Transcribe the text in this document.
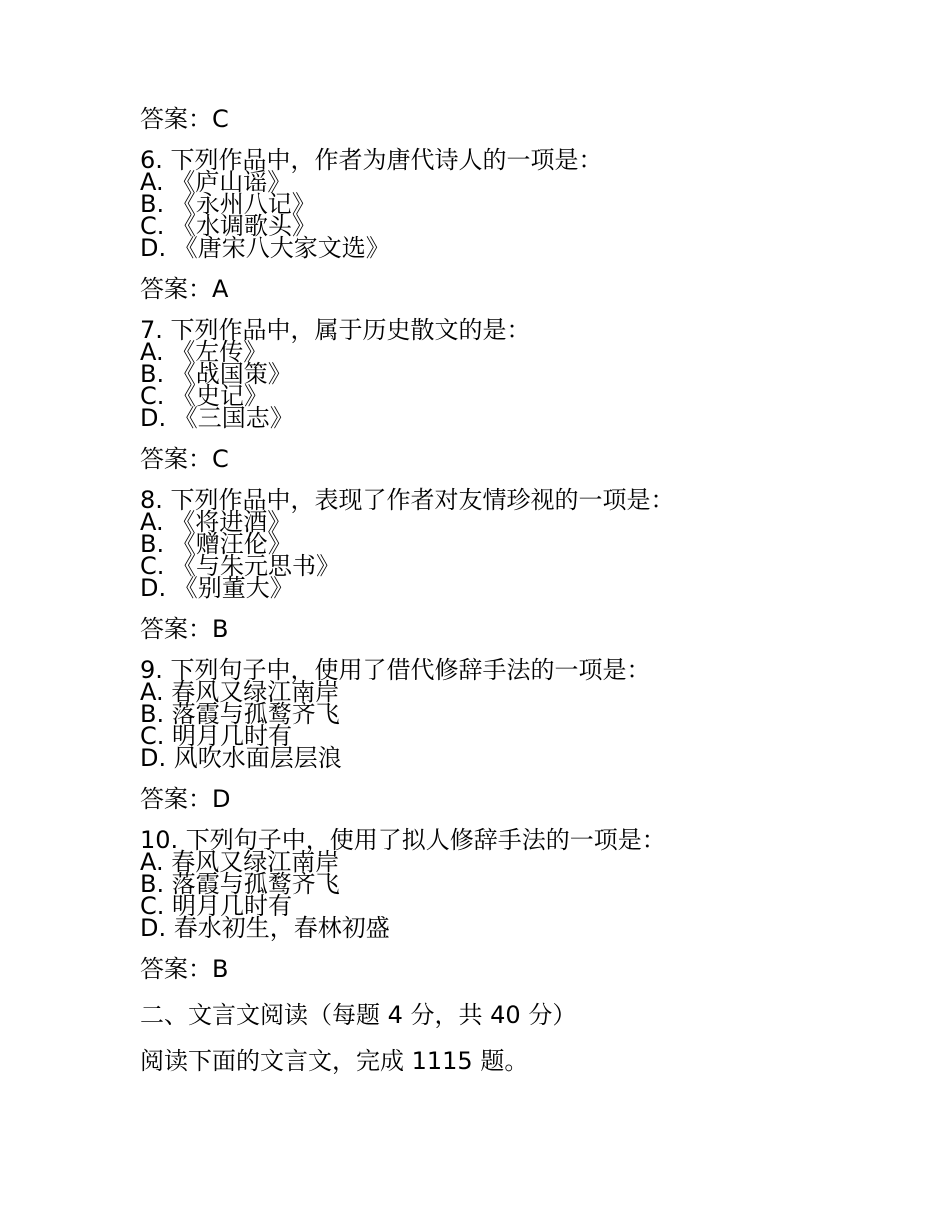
答案：C
6. 下列作品中，作者为唐代诗人的一项是：
A. 《庐山谣》
B. 《永州八记》
C. 《水调歌头》
D. 《唐宋八大家文选》
答案：A
7. 下列作品中，属于历史散文的是：
A. 《左传》
B. 《战国策》
C. 《史记》
D. 《三国志》
答案：C
8. 下列作品中，表现了作者对友情珍视的一项是：
A. 《将进酒》
B. 《赠汪伦》
C. 《与朱元思书》
D. 《别董大》
答案：B
9. 下列句子中，使用了借代修辞手法的一项是：
A. 春风又绿江南岸
B. 落霞与孤鹜齐飞
C. 明月几时有
D. 风吹水面层层浪
答案：D
10. 下列句子中，使用了拟人修辞手法的一项是：
A. 春风又绿江南岸
B. 落霞与孤鹜齐飞
C. 明月几时有
D. 春水初生，春林初盛
答案：B
二、文言文阅读（每题 4 分，共 40 分）
阅读下面的文言文，完成 1115 题。
